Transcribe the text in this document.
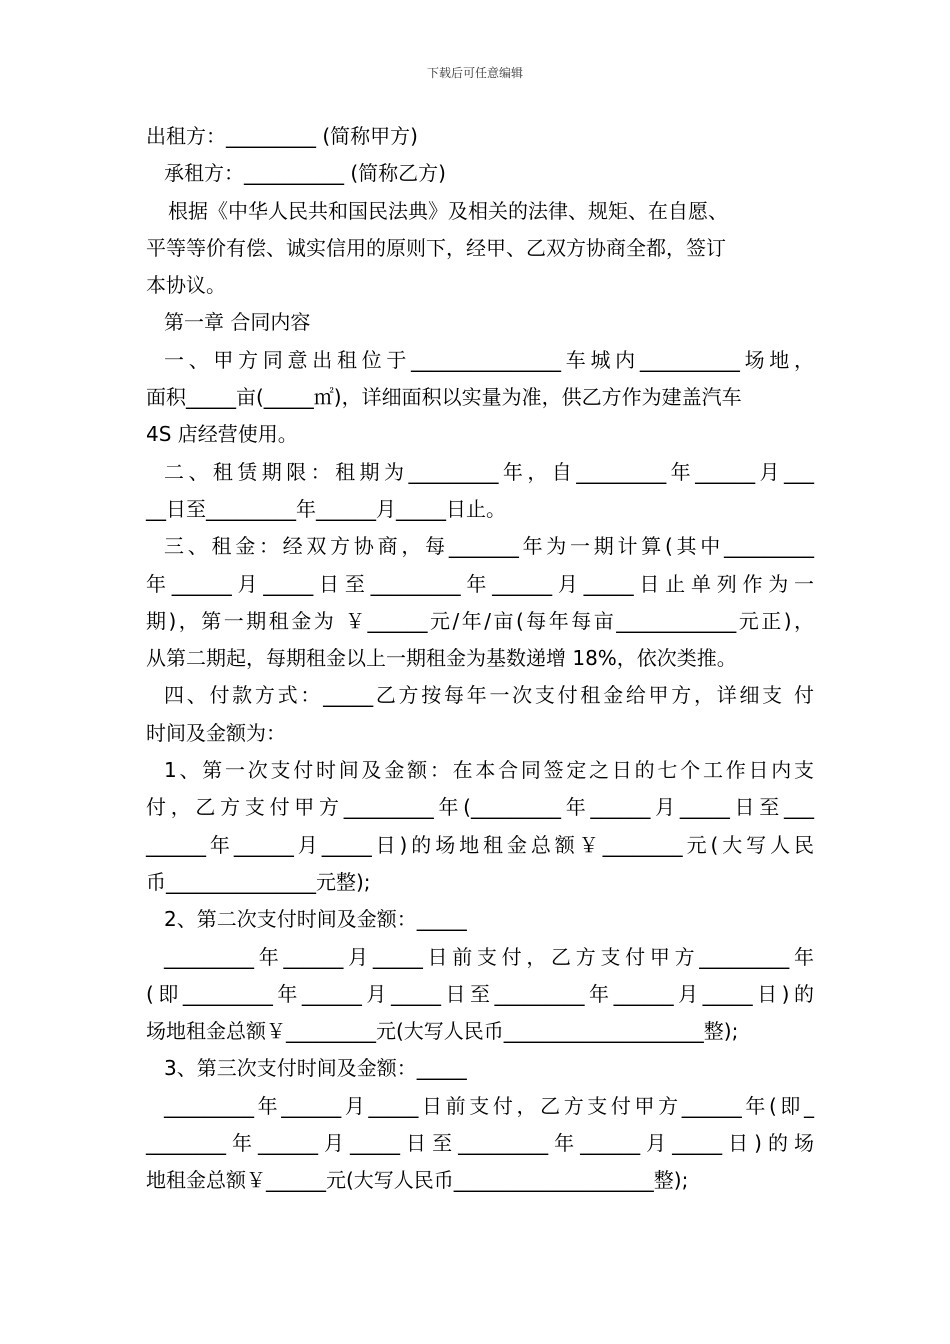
下载后可任意编辑
出租方：_________ (简称甲方)
承租方：__________ (简称乙方)
根据《中华人民共和国民法典》及相关的法律、规矩、在自愿、
平等等价有偿、诚实信用的原则下，经甲、乙双方协商全都，签订
本协议。
第一章 合同内容
一、甲方同意出租位于_______________车城内__________场地，
面积_____亩(_____㎡)，详细面积以实量为准，供乙方作为建盖汽车
4S 店经营使用。
二、租赁期限：租期为_________年，自_________年______月___
__日至_________年______月_____日止。
三、租金：经双方协商，每_______年为一期计算(其中_________
年______月_____日至_________年______月_____日止单列作为一
期)，第一期租金为 ￥______元/年/亩(每年每亩____________元正)，
从第二期起，每期租金以上一期租金为基数递增 18%，依次类推。
四、付款方式：_____乙方按每年一次支付租金给甲方，详细支 付
时间及金额为：
1、第一次支付时间及金额：在本合同签定之日的七个工作日内支
付，乙方支付甲方_________年(_________年______月_____日至___
______年______月_____日)的场地租金总额￥________元(大写人民
币_______________元整);
2、第二次支付时间及金额：_____
_________年______月_____日前支付，乙方支付甲方_________年
(即_________年______月_____日至_________年______月_____日)的
场地租金总额￥_________元(大写人民币____________________整);
3、第三次支付时间及金额：_____
_________年______月_____日前支付，乙方支付甲方______年(即_
________年______月_____日至_________年______月_____日)的场
地租金总额￥______元(大写人民币____________________整);
